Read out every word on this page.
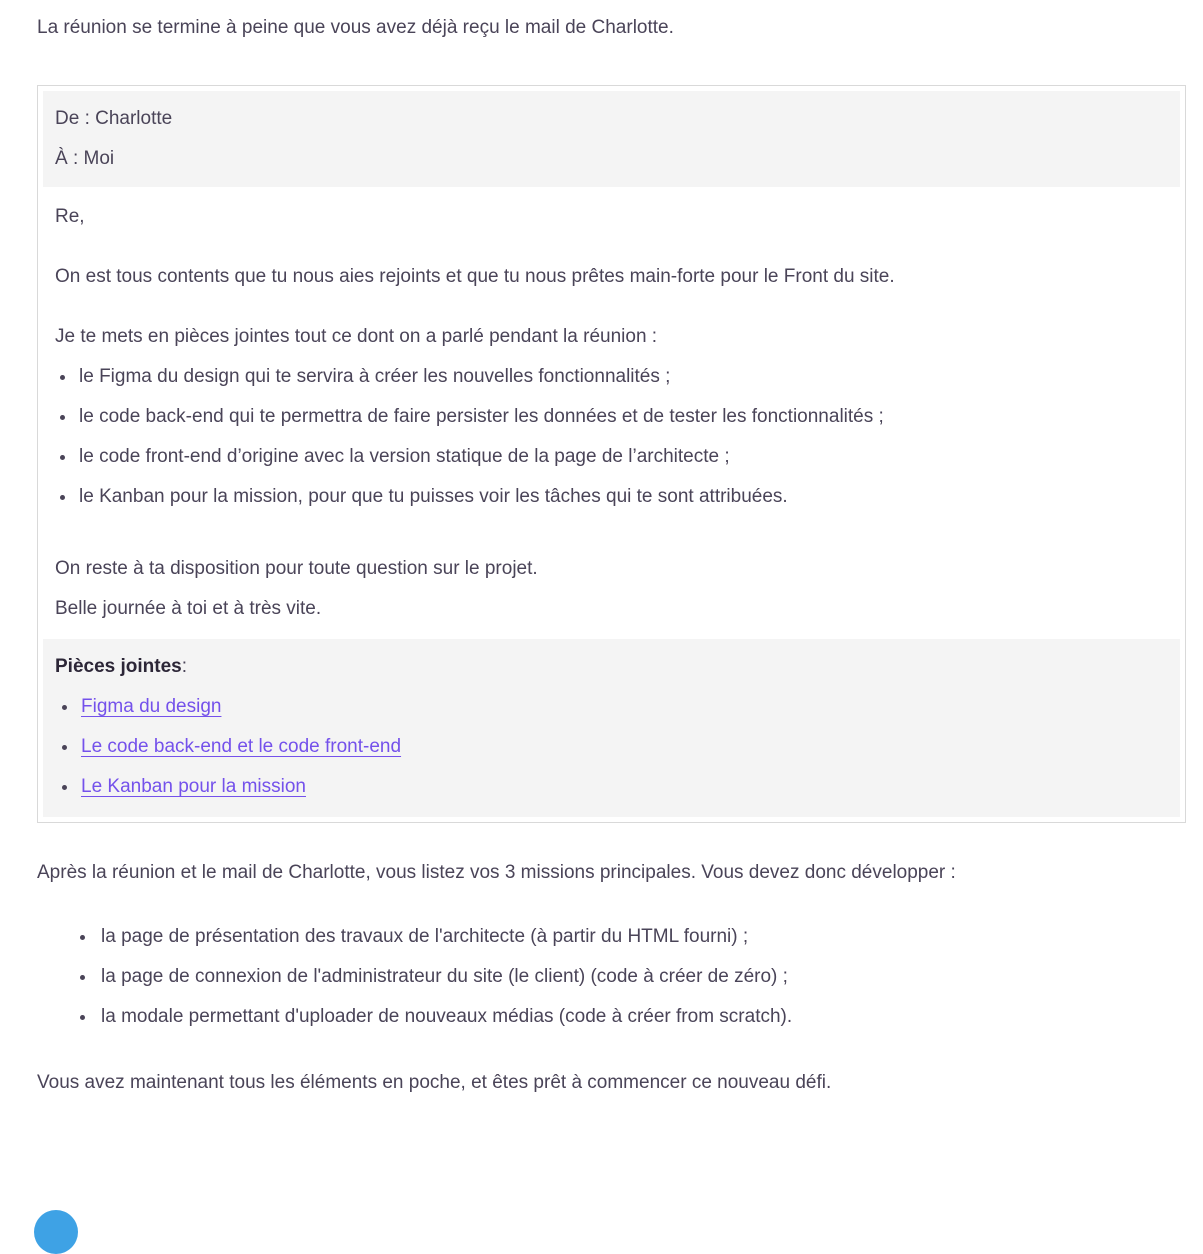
La réunion se termine à peine que vous avez déjà reçu le mail de Charlotte.

De : Charlotte
À : Moi

Re,

On est tous contents que tu nous aies rejoints et que tu nous prêtes main-forte pour le Front du site.

Je te mets en pièces jointes tout ce dont on a parlé pendant la réunion :

• le Figma du design qui te servira à créer les nouvelles fonctionnalités ;
• le code back-end qui te permettra de faire persister les données et de tester les fonctionnalités ;
• le code front-end d’origine avec la version statique de la page de l’architecte ;
• le Kanban pour la mission, pour que tu puisses voir les tâches qui te sont attribuées.

On reste à ta disposition pour toute question sur le projet.
Belle journée à toi et à très vite.

Pièces jointes:
• Figma du design
• Le code back-end et le code front-end
• Le Kanban pour la mission

Après la réunion et le mail de Charlotte, vous listez vos 3 missions principales. Vous devez donc développer :

• la page de présentation des travaux de l'architecte (à partir du HTML fourni) ;
• la page de connexion de l'administrateur du site (le client) (code à créer de zéro) ;
• la modale permettant d'uploader de nouveaux médias (code à créer from scratch).

Vous avez maintenant tous les éléments en poche, et êtes prêt à commencer ce nouveau défi.
